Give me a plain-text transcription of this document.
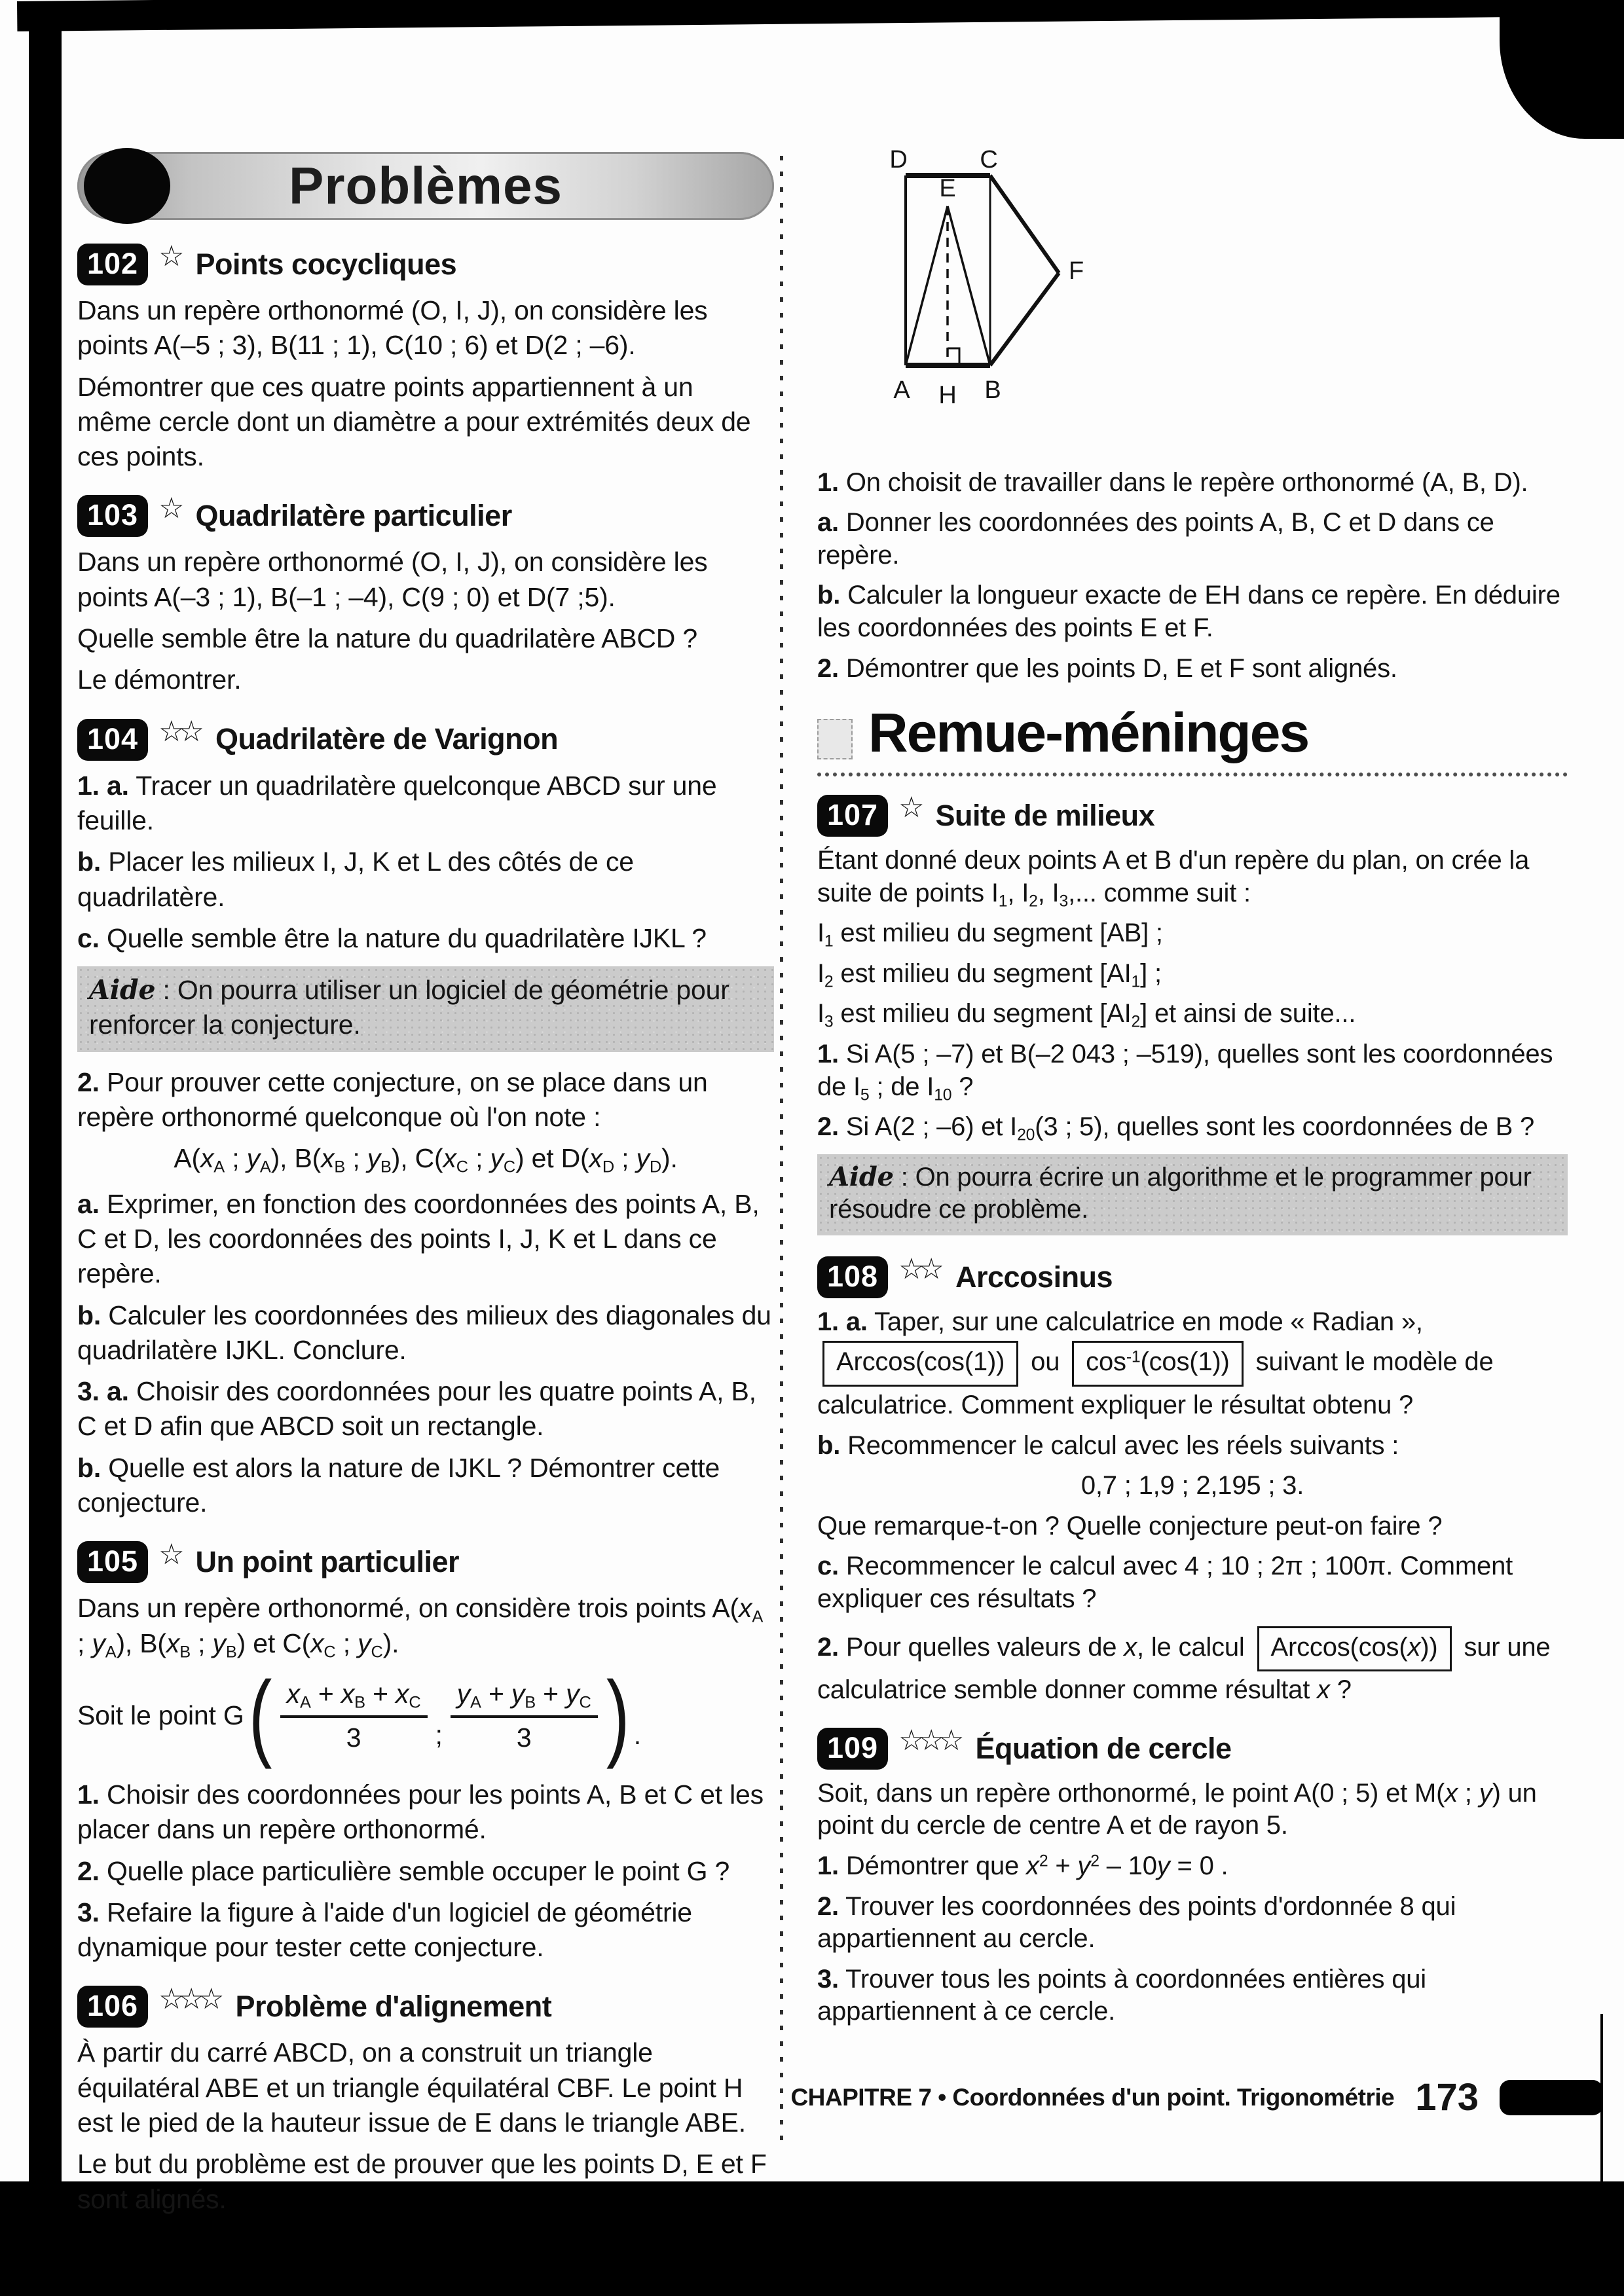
Problèmes
102 ☆ Points cocycliques

Dans un repère orthonormé (O, I, J), on considère les points A(–5 ; 3), B(11 ; 1), C(10 ; 6) et D(2 ; –6).

Démontrer que ces quatre points appartiennent à un même cercle dont un diamètre a pour extrémités deux de ces points.

103 ☆ Quadrilatère particulier

Dans un repère orthonormé (O, I, J), on considère les points A(–3 ; 1), B(–1 ; –4), C(9 ; 0) et D(7 ;5).

Quelle semble être la nature du quadrilatère ABCD ?

Le démontrer.

104 ☆☆ Quadrilatère de Varignon

1. a. Tracer un quadrilatère quelconque ABCD sur une feuille.

b. Placer les milieux I, J, K et L des côtés de ce quadrilatère.

c. Quelle semble être la nature du quadrilatère IJKL ?

Aide : On pourra utiliser un logiciel de géométrie pour renforcer la conjecture.

2. Pour prouver cette conjecture, on se place dans un repère orthonormé quelconque où l'on note :

$A(x_A$ ; $y_A$), $B(x_B$ ; $y_B$), $C(x_C$ ; $y_C$) et $D(x_D$ ; $y_D$).

a. Exprimer, en fonction des coordonnées des points A, B, C et D, les coordonnées des points I, J, K et L dans ce repère.

b. Calculer les coordonnées des milieux des diagonales du quadrilatère IJKL. Conclure.

3. a. Choisir des coordonnées pour les quatre points A, B, C et D afin que ABCD soit un rectangle.

b. Quelle est alors la nature de IJKL ? Démontrer cette conjecture.

105 ☆ Un point particulier

Dans un repère orthonormé, on considère trois points $A(x_A$ ; $y_A$), $B(x_B$ ; $y_B$) et $C(x_C$ ; $y_C$).

Soit le point G ( $\frac{x_A + x_B + x_C}{3}$ ; $\frac{y_A + y_B + y_C}{3}$ ) .

1. Choisir des coordonnées pour les points A, B et C et les placer dans un repère orthonormé.

2. Quelle place particulière semble occuper le point G ?

3. Refaire la figure à l'aide d'un logiciel de géométrie dynamique pour tester cette conjecture.

106 ☆☆☆ Problème d'alignement

À partir du carré ABCD, on a construit un triangle équilatéral ABE et un triangle équilatéral CBF. Le point H est le pied de la hauteur issue de E dans le triangle ABE.

Le but du problème est de prouver que les points D, E et F sont alignés.

D	C
E
F
A H B

1. On choisit de travailler dans le repère orthonormé (A, B, D).

a. Donner les coordonnées des points A, B, C et D dans ce repère.

b. Calculer la longueur exacte de EH dans ce repère. En déduire les coordonnées des points E et F.

2. Démontrer que les points D, E et F sont alignés.

Remue-méninges
107 ☆ Suite de milieux

Étant donné deux points A et B d'un repère du plan, on crée la suite de points $I_1$, $I_2$, $I_3$,... comme suit :

$I_1$ est milieu du segment [AB] ;

$I_2$ est milieu du segment $[AI_1]$ ;

$I_3$ est milieu du segment $[AI_2]$ et ainsi de suite...

1. Si A(5 ; –7) et B(–2 043 ; –519), quelles sont les coordonnées de $I_5$ ; de $I_{10}$ ?

2. Si A(2 ; –6) et $I_{20}(3$ ; 5), quelles sont les coordonnées de B ?

Aide : On pourra écrire un algorithme et le programmer pour résoudre ce problème.
108 ☆☆ Arccosinus

1. a. Taper, sur une calculatrice en mode « Radian », Arccos(cos(1)) ou $\cos^{-1}(\cos(1))$ suivant le modèle de calculatrice. Comment expliquer le résultat obtenu ?

b. Recommencer le calcul avec les réels suivants :

0,7 ; 1,9 ; 2,195 ; 3.

Que remarque-t-on ? Quelle conjecture peut-on faire ?

c. Recommencer le calcul avec 4 ; 10 ; 2π ; 100π. Comment expliquer ces résultats ?

2. Pour quelles valeurs de x, le calcul Arccos(cos(x)) sur une calculatrice semble donner comme résultat x ?

109 ☆☆☆ Équation de cercle

Soit, dans un repère orthonormé, le point A(0 ; 5) et M(x ; y) un point du cercle de centre A et de rayon 5.

1. Démontrer que $x^2 + y^2 - 10y = 0$ .

2. Trouver les coordonnées des points d'ordonnée 8 qui appartiennent au cercle.

3. Trouver tous les points à coordonnées entières qui appartiennent à ce cercle.

CHAPITRE 7 • Coordonnées d'un point. Trigonométrie 173
